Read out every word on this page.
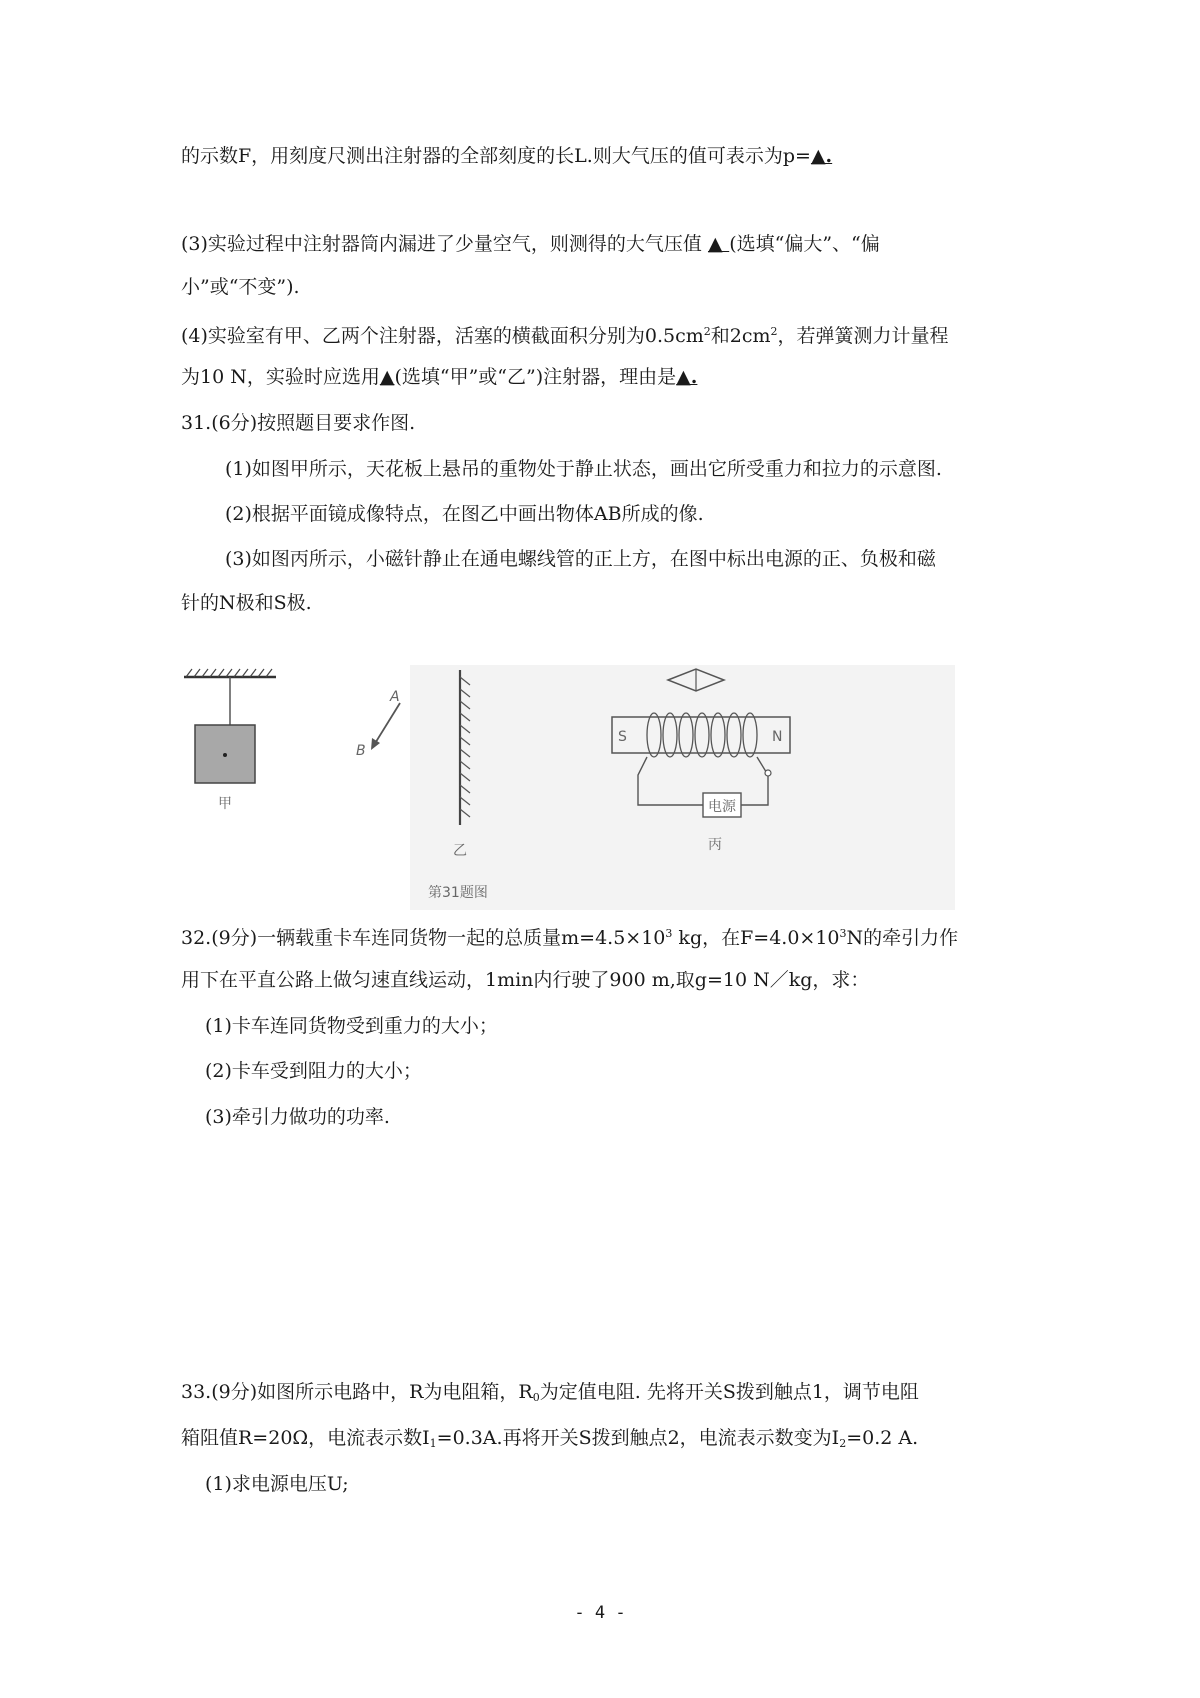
的示数F，用刻度尺测出注射器的全部刻度的长L.则大气压的值可表示为p=▲.
(3)实验过程中注射器筒内漏进了少量空气，则测得的大气压值 ▲ (选填“偏大”、“偏
小”或“不变”).
(4)实验室有甲、乙两个注射器，活塞的横截面积分别为$0.5cm^2$和$2cm^2$，若弹簧测力计量程
为10 N，实验时应选用▲(选填“甲”或“乙”)注射器，理由是▲.
31.(6分)按照题目要求作图.
(1)如图甲所示，天花板上悬吊的重物处于静止状态，画出它所受重力和拉力的示意图.
(2)根据平面镜成像特点，在图乙中画出物体AB所成的像.
(3)如图丙所示，小磁针静止在通电螺线管的正上方，在图中标出电源的正、负极和磁
针的N极和S极.
甲
A
B
乙
S	N
电源
丙
第31题图
32.(9分)一辆载重卡车连同货物一起的总质量$m=4.5\times 10^3$ kg，在$F=4.0\times 10^3N$的牵引力作
用下在平直公路上做匀速直线运动，1min内行驶了900 m,取g=10 N／kg，求：
(1)卡车连同货物受到重力的大小；
(2)卡车受到阻力的大小；
(3)牵引力做功的功率.
33.(9分)如图所示电路中，R为电阻箱，$R_0$为定值电阻. 先将开关S拨到触点1，调节电阻
箱阻值R=20Ω，电流表示数$I_1=0.3A$.再将开关S拨到触点2，电流表示数变为$I_2=0.2$ A.
(1)求电源电压U;
- 4 -
